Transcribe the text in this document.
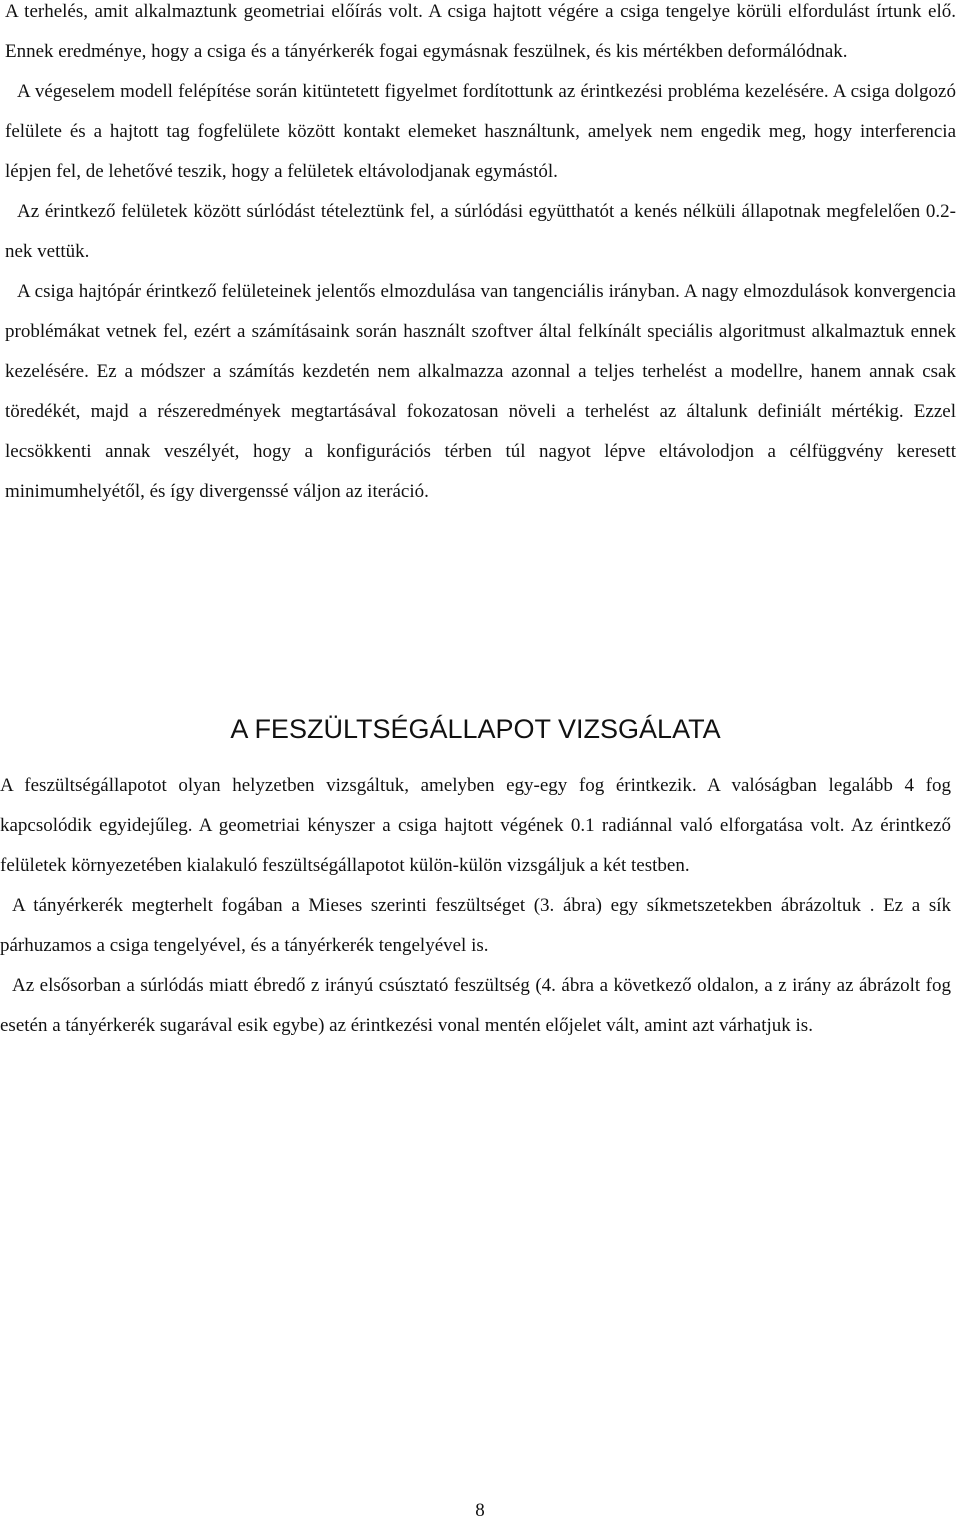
A terhelés, amit alkalmaztunk geometriai előírás volt. A csiga hajtott végére a csiga tengelye körüli elfordulást írtunk elő. Ennek eredménye, hogy a csiga és a tányérkerék fogai egymásnak feszülnek, és kis mértékben deformálódnak.

A végeselem modell felépítése során kitüntetett figyelmet fordítottunk az érintkezési probléma kezelésére. A csiga dolgozó felülete és a hajtott tag fogfelülete között kontakt elemeket használtunk, amelyek nem engedik meg, hogy interferencia lépjen fel, de lehetővé teszik, hogy a felületek eltávolodjanak egymástól.

Az érintkező felületek között súrlódást tételeztünk fel, a súrlódási együtthatót a kenés nélküli állapotnak megfelelően 0.2-nek vettük.

A csiga hajtópár érintkező felületeinek jelentős elmozdulása van tangenciális irányban. A nagy elmozdulások konvergencia problémákat vetnek fel, ezért a számításaink során használt szoftver által felkínált speciális algoritmust alkalmaztuk ennek kezelésére. Ez a módszer a számítás kezdetén nem alkalmazza azonnal a teljes terhelést a modellre, hanem annak csak töredékét, majd a részeredmények megtartásával fokozatosan növeli a terhelést az általunk definiált mértékig. Ezzel lecsökkenti annak veszélyét, hogy a konfigurációs térben túl nagyot lépve eltávolodjon a célfüggvény keresett minimumhelyétől, és így divergenssé váljon az iteráció.

A FESZÜLTSÉGÁLLAPOT VIZSGÁLATA

A feszültségállapotot olyan helyzetben vizsgáltuk, amelyben egy-egy fog érintkezik. A valóságban legalább 4 fog kapcsolódik egyidejűleg. A geometriai kényszer a csiga hajtott végének 0.1 radiánnal való elforgatása volt. Az érintkező felületek környezetében kialakuló feszültségállapotot külön-külön vizsgáljuk a két testben.

A tányérkerék megterhelt fogában a Mieses szerinti feszültséget (3. ábra) egy síkmetszetekben ábrázoltuk . Ez a sík párhuzamos a csiga tengelyével, és a tányérkerék tengelyével is.

Az elsősorban a súrlódás miatt ébredő z irányú csúsztató feszültség (4. ábra a következő oldalon, a z irány az ábrázolt fog esetén a tányérkerék sugarával esik egybe) az érintkezési vonal mentén előjelet vált, amint azt várhatjuk is.

8
